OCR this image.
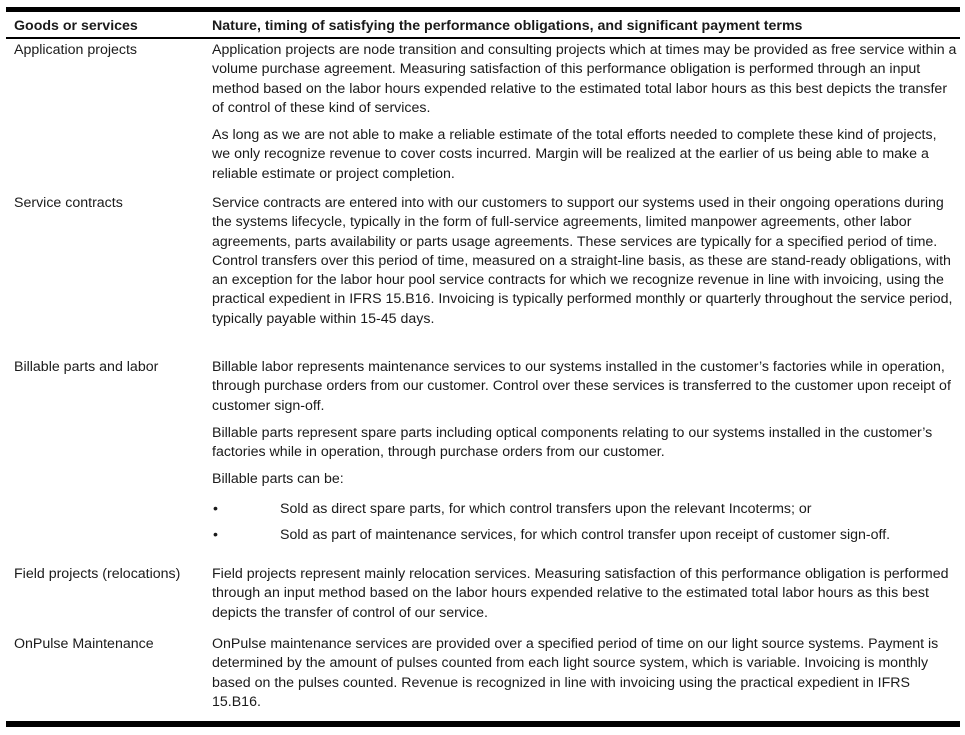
Goods or services	Nature, timing of satisfying the performance obligations, and significant payment terms
Application projects	Application projects are node transition and consulting projects which at times may be provided as free service within a volume purchase agreement. Measuring satisfaction of this performance obligation is performed through an input method based on the labor hours expended relative to the estimated total labor hours as this best depicts the transfer of control of these kind of services.

As long as we are not able to make a reliable estimate of the total efforts needed to complete these kind of projects, we only recognize revenue to cover costs incurred. Margin will be realized at the earlier of us being able to make a reliable estimate or project completion.

Service contracts	Service contracts are entered into with our customers to support our systems used in their ongoing operations during the systems lifecycle, typically in the form of full-service agreements, limited manpower agreements, other labor agreements, parts availability or parts usage agreements. These services are typically for a specified period of time. Control transfers over this period of time, measured on a straight-line basis, as these are stand-ready obligations, with an exception for the labor hour pool service contracts for which we recognize revenue in line with invoicing, using the practical expedient in IFRS 15.B16. Invoicing is typically performed monthly or quarterly throughout the service period, typically payable within 15-45 days.

Billable parts and labor	Billable labor represents maintenance services to our systems installed in the customer’s factories while in operation, through purchase orders from our customer. Control over these services is transferred to the customer upon receipt of customer sign-off.

Billable parts represent spare parts including optical components relating to our systems installed in the customer’s factories while in operation, through purchase orders from our customer.

Billable parts can be:

•	Sold as direct spare parts, for which control transfers upon the relevant Incoterms; or
•	Sold as part of maintenance services, for which control transfer upon receipt of customer sign-off.
Field projects (relocations)	Field projects represent mainly relocation services. Measuring satisfaction of this performance obligation is performed through an input method based on the labor hours expended relative to the estimated total labor hours as this best depicts the transfer of control of our service.

OnPulse Maintenance	OnPulse maintenance services are provided over a specified period of time on our light source systems. Payment is determined by the amount of pulses counted from each light source system, which is variable. Invoicing is monthly based on the pulses counted. Revenue is recognized in line with invoicing using the practical expedient in IFRS 15.B16.
